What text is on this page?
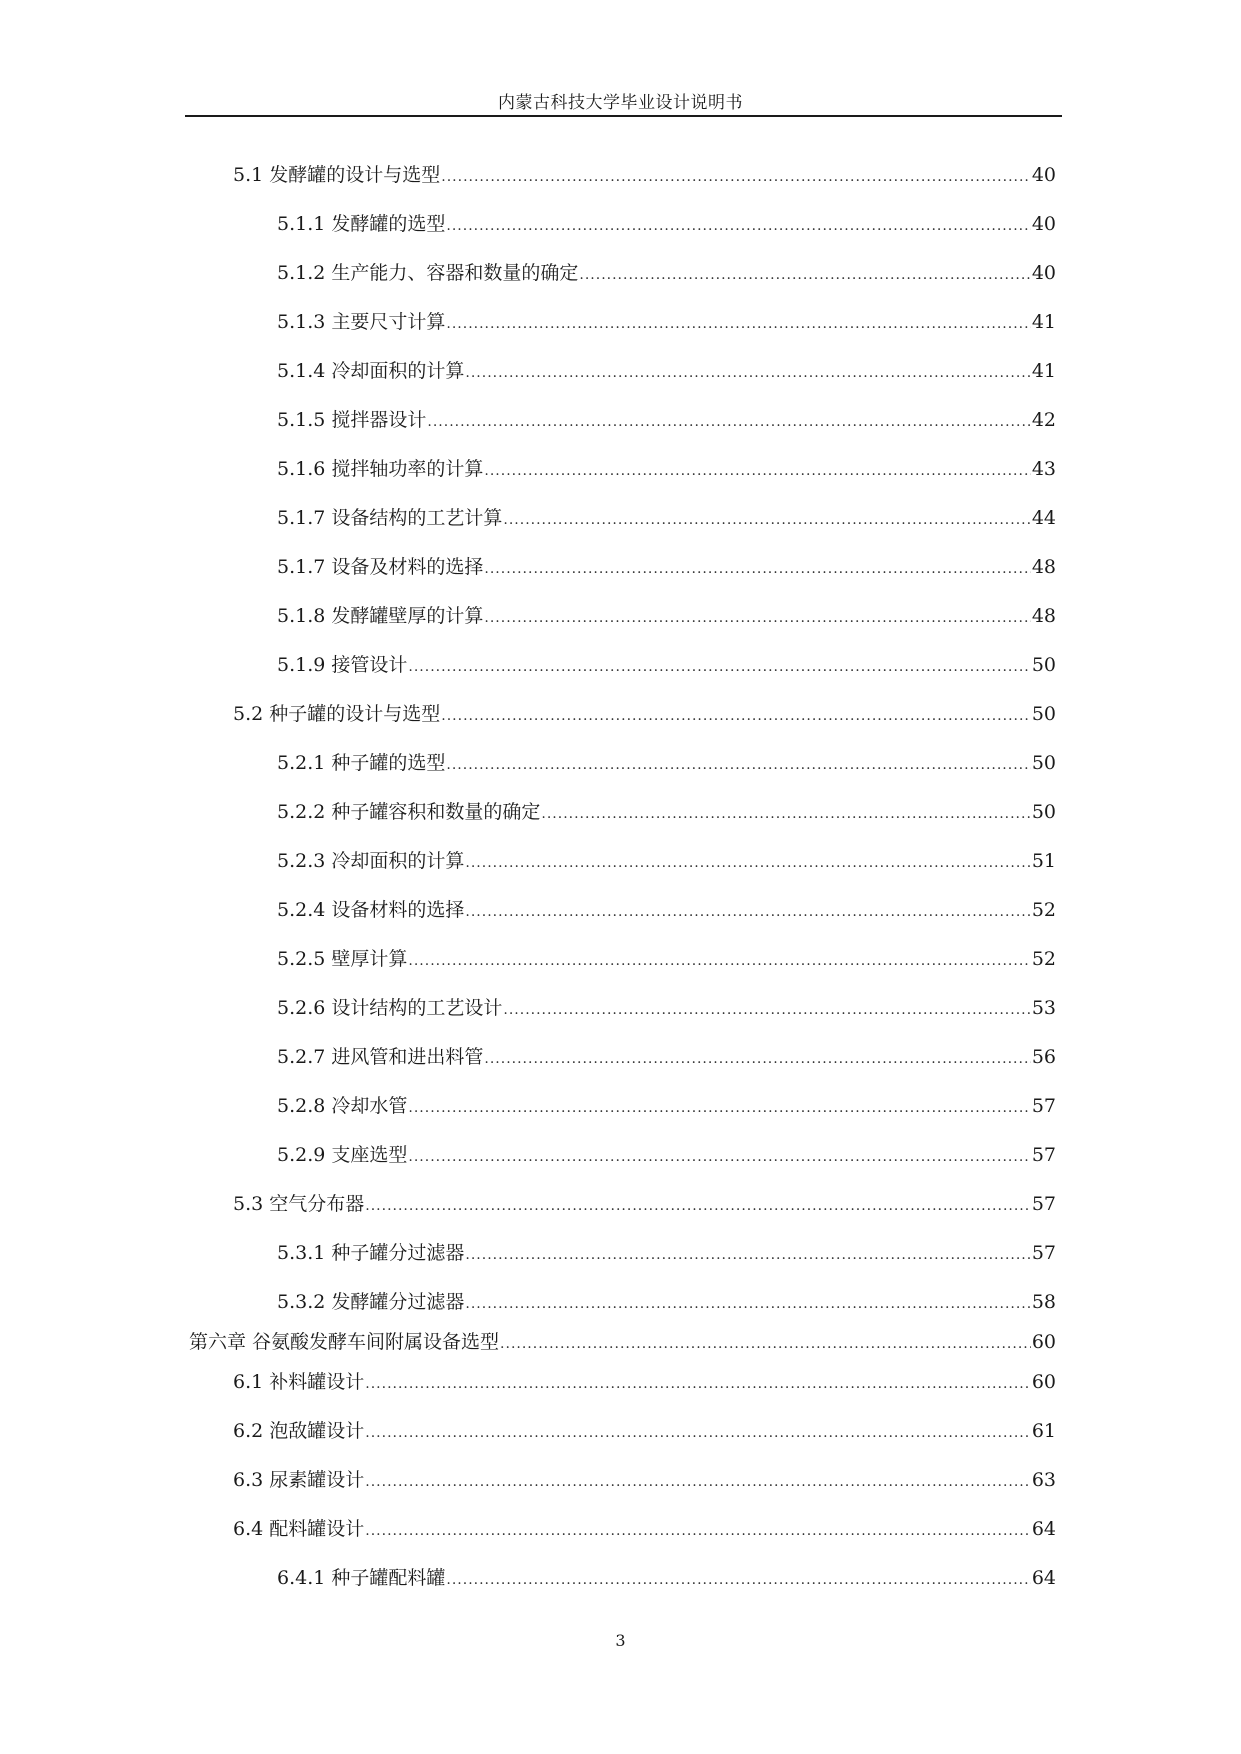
内蒙古科技大学毕业设计说明书
5.1 发酵罐的设计与选型 .....	40
5.1.1 发酵罐的选型 .....	40
5.1.2 生产能力、容器和数量的确定 .....	40
5.1.3 主要尺寸计算 .....	41
5.1.4 冷却面积的计算 .....	41
5.1.5 搅拌器设计 .....	42
5.1.6 搅拌轴功率的计算 .....	43
5.1.7 设备结构的工艺计算 .....	44
5.1.7 设备及材料的选择 .....	48
5.1.8 发酵罐壁厚的计算 .....	48
5.1.9 接管设计 .....	50
5.2 种子罐的设计与选型 .....	50
5.2.1 种子罐的选型 .....	50
5.2.2 种子罐容积和数量的确定 .....	50
5.2.3 冷却面积的计算 .....	51
5.2.4 设备材料的选择 .....	52
5.2.5 壁厚计算 .....	52
5.2.6 设计结构的工艺设计 .....	53
5.2.7 进风管和进出料管 .....	56
5.2.8 冷却水管 .....	57
5.2.9 支座选型 .....	57
5.3 空气分布器 .....	57
5.3.1 种子罐分过滤器 .....	57
5.3.2 发酵罐分过滤器 .....	58
第六章 谷氨酸发酵车间附属设备选型 .....	60
6.1 补料罐设计 .....	60
6.2 泡敌罐设计 .....	61
6.3 尿素罐设计 .....	63
6.4 配料罐设计 .....	64
6.4.1 种子罐配料罐 .....	64
3
